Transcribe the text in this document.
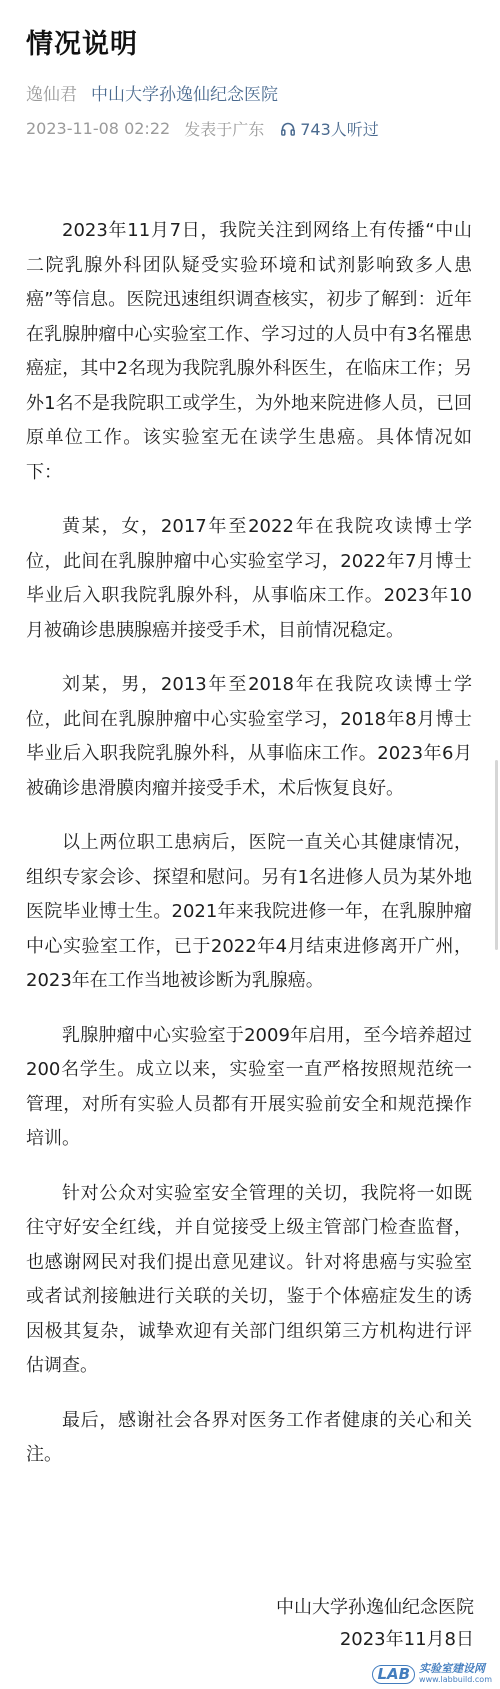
情况说明
逸仙君 中山大学孙逸仙纪念医院
2023-11-08 02:22 发表于广东 743人听过

2023年11月7日，我院关注到网络上有传播“中山二院乳腺外科团队疑受实验环境和试剂影响致多人患癌”等信息。医院迅速组织调查核实，初步了解到：近年在乳腺肿瘤中心实验室工作、学习过的人员中有3名罹患癌症，其中2名现为我院乳腺外科医生，在临床工作；另外1名不是我院职工或学生，为外地来院进修人员，已回原单位工作。该实验室无在读学生患癌。具体情况如下：

黄某，女，2017年至2022年在我院攻读博士学位，此间在乳腺肿瘤中心实验室学习，2022年7月博士毕业后入职我院乳腺外科，从事临床工作。2023年10月被确诊患胰腺癌并接受手术，目前情况稳定。

刘某，男，2013年至2018年在我院攻读博士学位，此间在乳腺肿瘤中心实验室学习，2018年8月博士毕业后入职我院乳腺外科，从事临床工作。2023年6月被确诊患滑膜肉瘤并接受手术，术后恢复良好。

以上两位职工患病后，医院一直关心其健康情况，组织专家会诊、探望和慰问。另有1名进修人员为某外地医院毕业博士生。2021年来我院进修一年，在乳腺肿瘤中心实验室工作，已于2022年4月结束进修离开广州，2023年在工作当地被诊断为乳腺癌。

乳腺肿瘤中心实验室于2009年启用，至今培养超过200名学生。成立以来，实验室一直严格按照规范统一管理，对所有实验人员都有开展实验前安全和规范操作培训。

针对公众对实验室安全管理的关切，我院将一如既往守好安全红线，并自觉接受上级主管部门检查监督，也感谢网民对我们提出意见建议。针对将患癌与实验室或者试剂接触进行关联的关切，鉴于个体癌症发生的诱因极其复杂，诚挚欢迎有关部门组织第三方机构进行评估调查。

最后，感谢社会各界对医务工作者健康的关心和关注。

中山大学孙逸仙纪念医院
2023年11月8日
LAB 实验室建设网
www.labbuild.com
